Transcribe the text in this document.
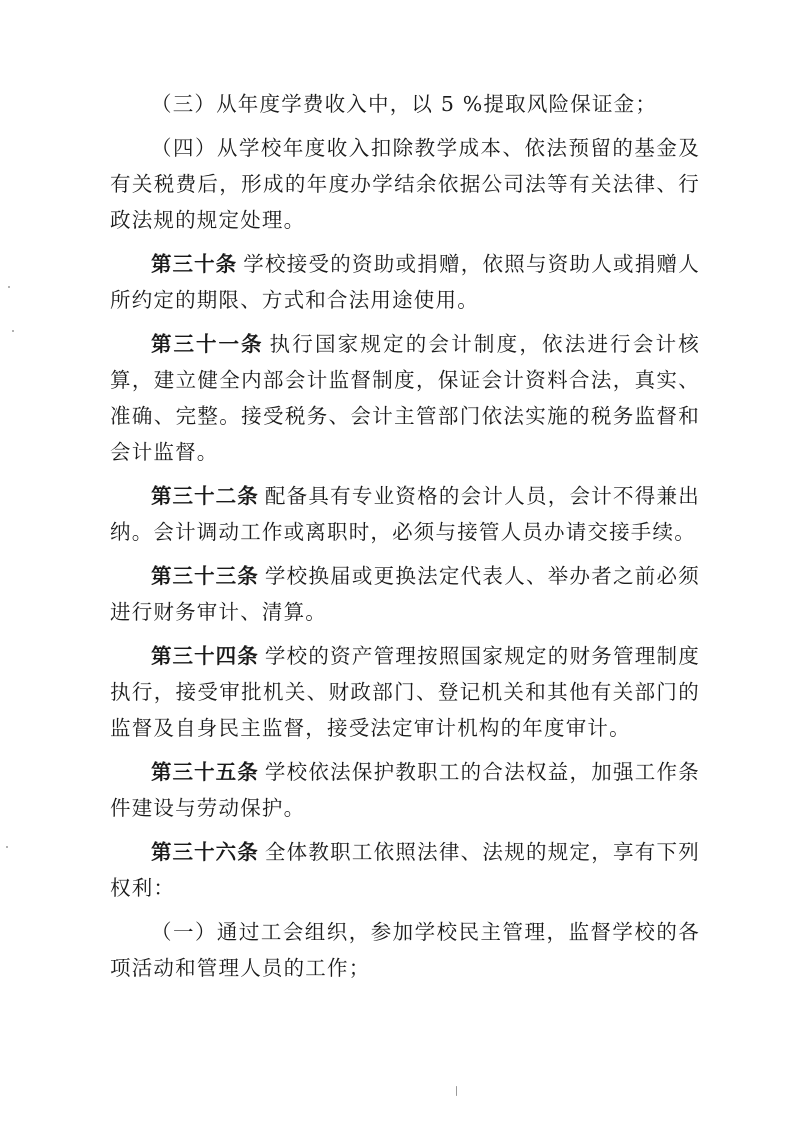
（三）从年度学费收入中，以 5 %提取风险保证金；

（四）从学校年度收入扣除教学成本、依法预留的基金及有关税费后，形成的年度办学结余依据公司法等有关法律、行政法规的规定处理。

第三十条 学校接受的资助或捐赠，依照与资助人或捐赠人所约定的期限、方式和合法用途使用。

第三十一条 执行国家规定的会计制度，依法进行会计核算，建立健全内部会计监督制度，保证会计资料合法，真实、准确、完整。接受税务、会计主管部门依法实施的税务监督和会计监督。

第三十二条 配备具有专业资格的会计人员，会计不得兼出纳。会计调动工作或离职时，必须与接管人员办请交接手续。

第三十三条 学校换届或更换法定代表人、举办者之前必须进行财务审计、清算。

第三十四条 学校的资产管理按照国家规定的财务管理制度执行，接受审批机关、财政部门、登记机关和其他有关部门的监督及自身民主监督，接受法定审计机构的年度审计。

第三十五条 学校依法保护教职工的合法权益，加强工作条件建设与劳动保护。

第三十六条 全体教职工依照法律、法规的规定，享有下列权利：

（一）通过工会组织，参加学校民主管理，监督学校的各项活动和管理人员的工作；
